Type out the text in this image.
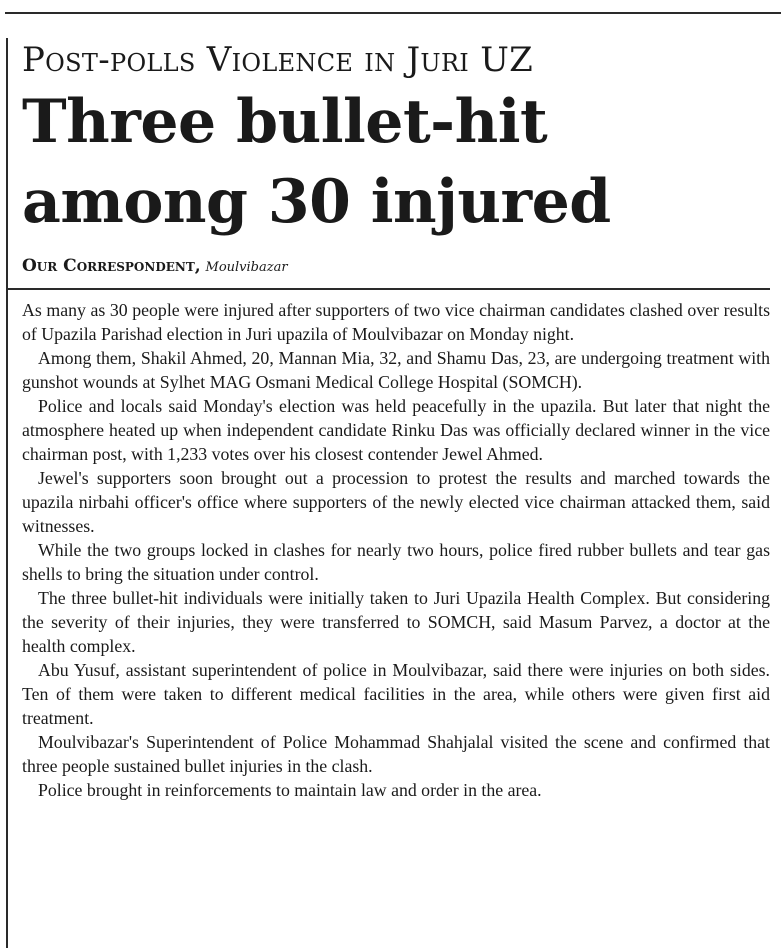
Post-polls Violence in Juri UZ
Three bullet-hit among 30 injured
Our Correspondent, Moulvibazar

As many as 30 people were injured after supporters of two vice chairman candidates clashed over results of Upazila Parishad election in Juri upazila of Moulvibazar on Monday night.

Among them, Shakil Ahmed, 20, Mannan Mia, 32, and Shamu Das, 23, are undergoing treatment with gunshot wounds at Sylhet MAG Osmani Medical College Hospital (SOMCH).

Police and locals said Monday's election was held peacefully in the upazila. But later that night the atmosphere heated up when independent candidate Rinku Das was officially declared winner in the vice chairman post, with 1,233 votes over his closest contender Jewel Ahmed.

Jewel's supporters soon brought out a procession to protest the results and marched towards the upazila nirbahi officer's office where supporters of the newly elected vice chairman attacked them, said witnesses.

While the two groups locked in clashes for nearly two hours, police fired rubber bullets and tear gas shells to bring the situation under control.

The three bullet-hit individuals were initially taken to Juri Upazila Health Complex. But considering the severity of their injuries, they were transferred to SOMCH, said Masum Parvez, a doctor at the health complex.

Abu Yusuf, assistant superintendent of police in Moulvibazar, said there were injuries on both sides. Ten of them were taken to different medical facilities in the area, while others were given first aid treatment.

Moulvibazar's Superintendent of Police Mohammad Shahjalal visited the scene and confirmed that three people sustained bullet injuries in the clash.

Police brought in reinforcements to maintain law and order in the area.
